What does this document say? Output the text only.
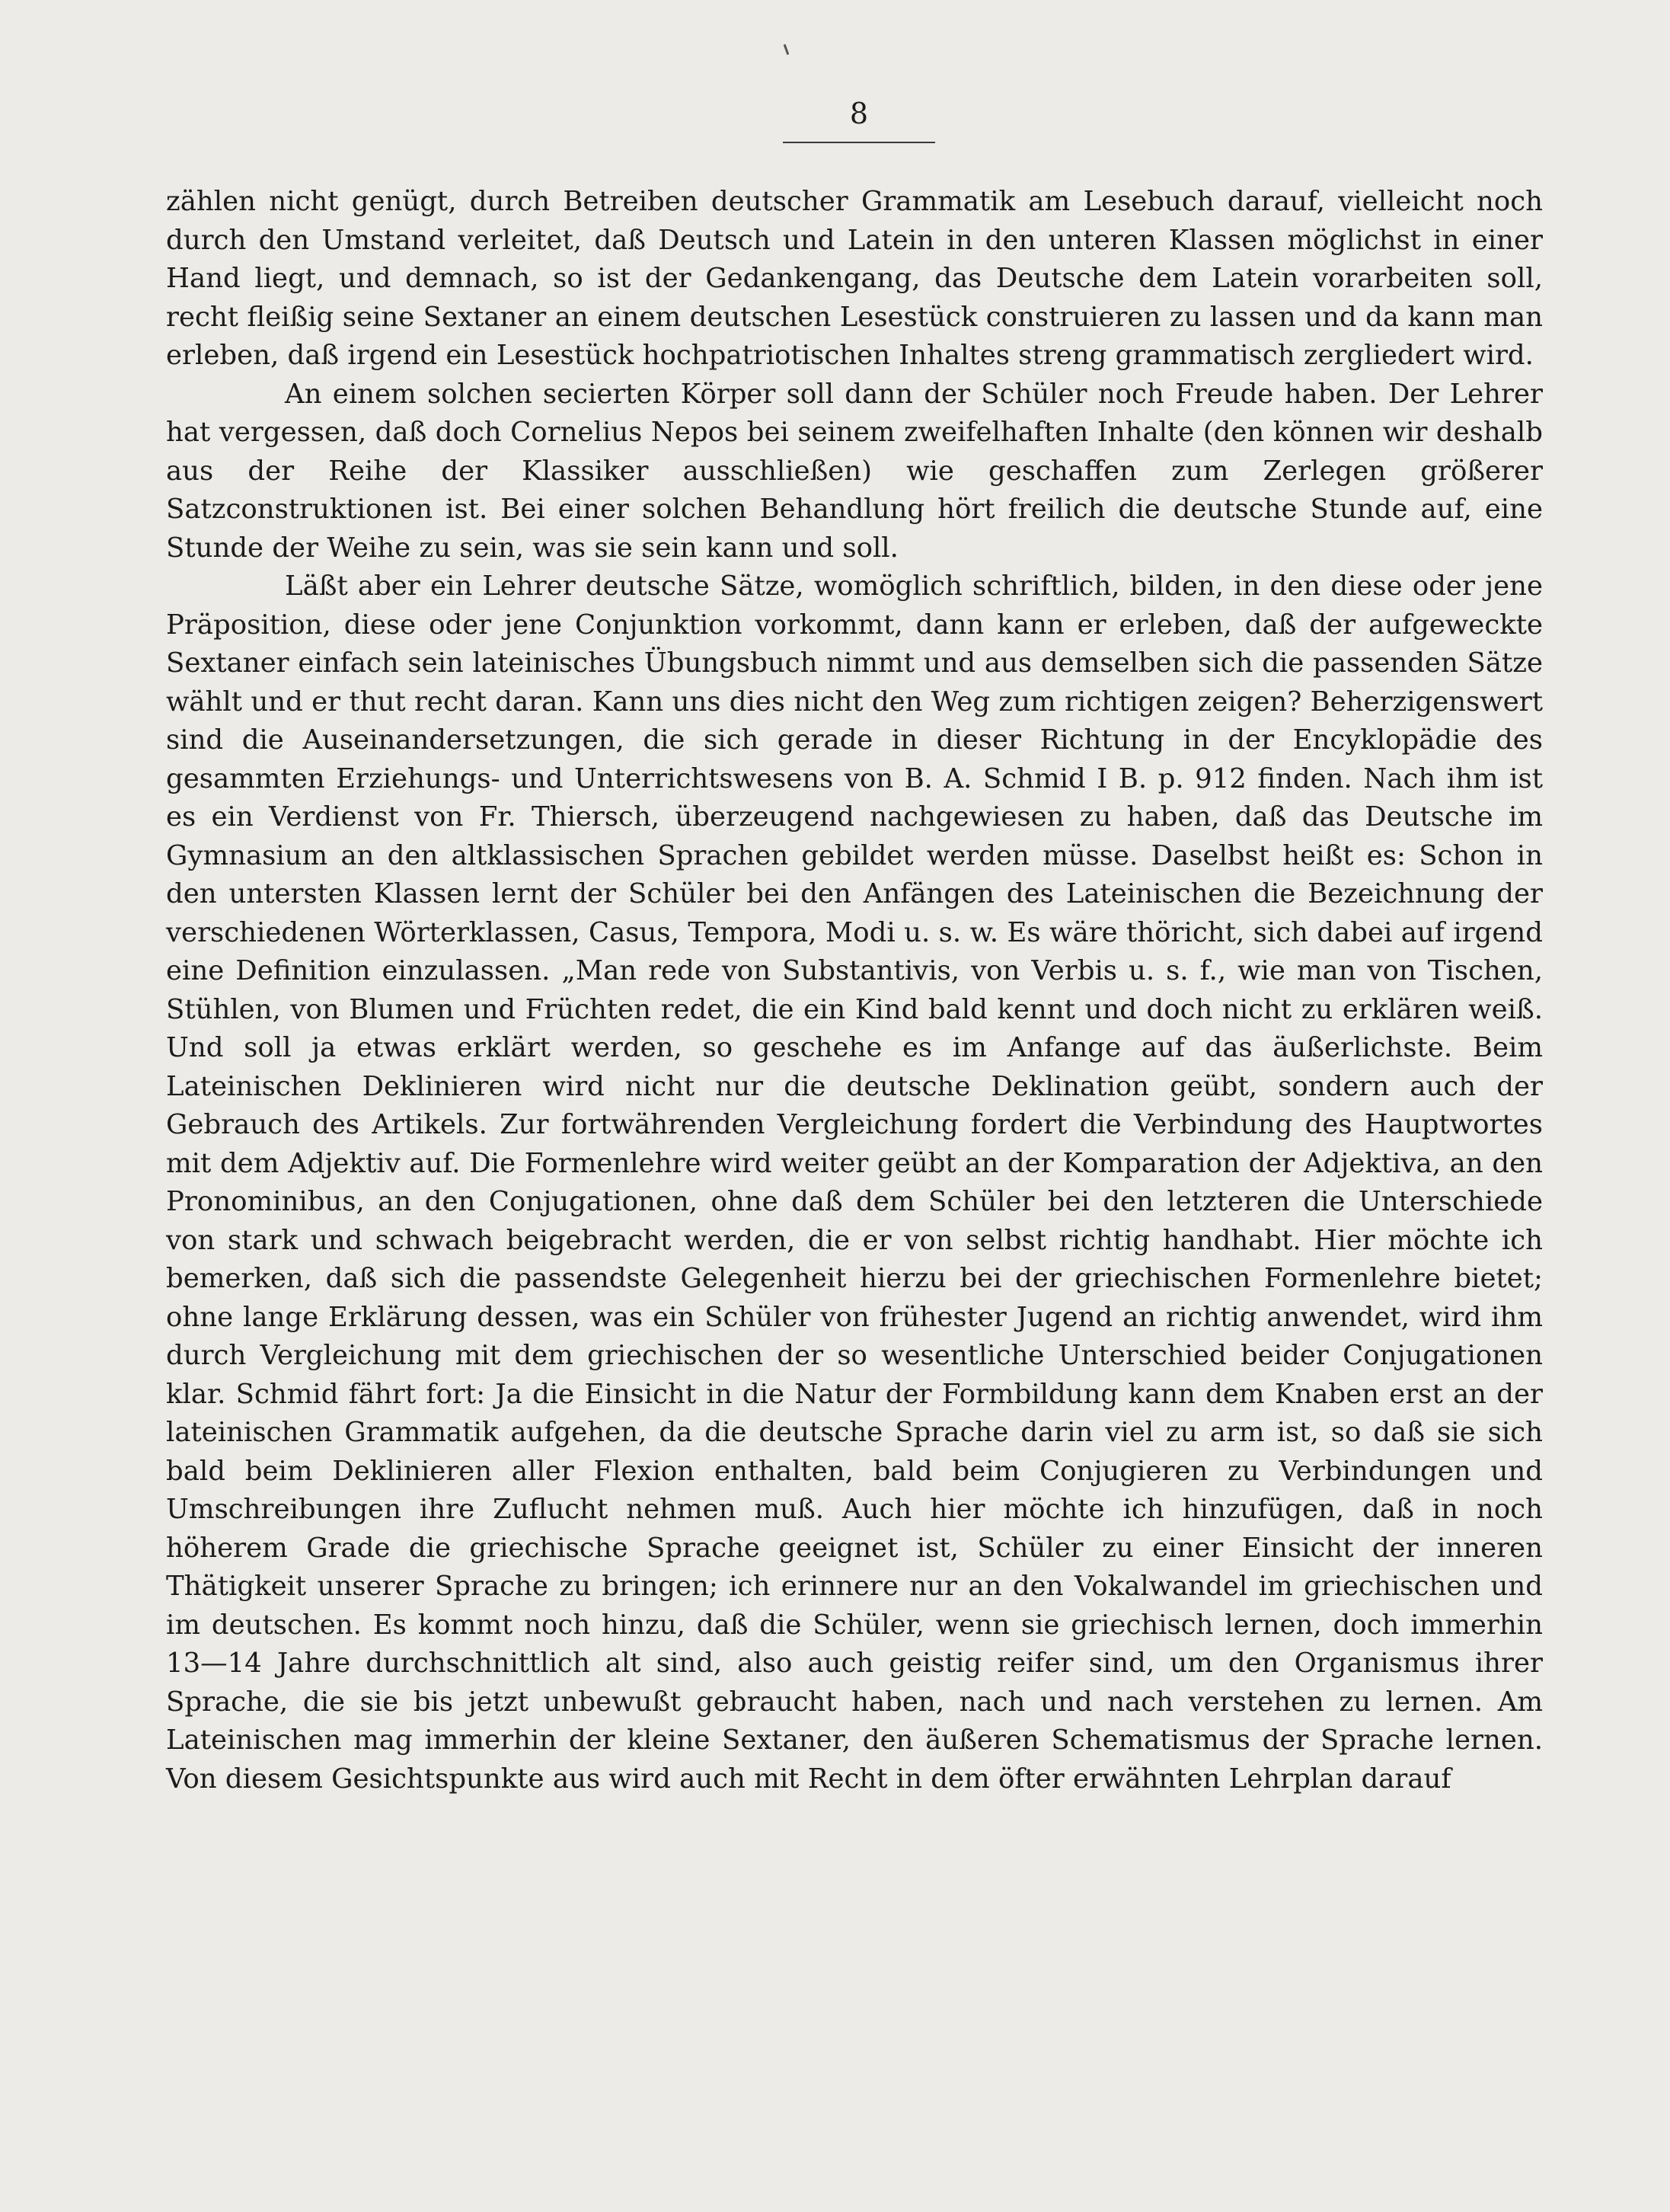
8

zählen nicht genügt, durch Betreiben deutscher Grammatik am Lesebuch darauf, vielleicht noch durch den Umstand verleitet, daß Deutsch und Latein in den unteren Klassen möglichst in einer Hand liegt, und demnach, so ist der Gedankengang, das Deutsche dem Latein vorarbeiten soll, recht fleißig seine Sextaner an einem deutschen Lesestück construieren zu lassen und da kann man erleben, daß irgend ein Lesestück hochpatriotischen Inhaltes streng grammatisch zergliedert wird.

An einem solchen secierten Körper soll dann der Schüler noch Freude haben. Der Lehrer hat vergessen, daß doch Cornelius Nepos bei seinem zweifelhaften Inhalte (den können wir deshalb aus der Reihe der Klassiker ausschließen) wie geschaffen zum Zerlegen größerer Satzconstruktionen ist. Bei einer solchen Behandlung hört freilich die deutsche Stunde auf, eine Stunde der Weihe zu sein, was sie sein kann und soll.

Läßt aber ein Lehrer deutsche Sätze, womöglich schriftlich, bilden, in den diese oder jene Präposition, diese oder jene Conjunktion vorkommt, dann kann er erleben, daß der aufgeweckte Sextaner einfach sein lateinisches Übungsbuch nimmt und aus demselben sich die passenden Sätze wählt und er thut recht daran. Kann uns dies nicht den Weg zum richtigen zeigen? Beherzigenswert sind die Auseinandersetzungen, die sich gerade in dieser Richtung in der Encyklopädie des gesammten Erziehungs- und Unterrichtswesens von B. A. Schmid I B. p. 912 finden. Nach ihm ist es ein Verdienst von Fr. Thiersch, überzeugend nachgewiesen zu haben, daß das Deutsche im Gymnasium an den altklassischen Sprachen gebildet werden müsse. Daselbst heißt es: Schon in den untersten Klassen lernt der Schüler bei den Anfängen des Lateinischen die Bezeichnung der verschiedenen Wörterklassen, Casus, Tempora, Modi u. s. w. Es wäre thöricht, sich dabei auf irgend eine Definition einzulassen. „Man rede von Substantivis, von Verbis u. s. f., wie man von Tischen, Stühlen, von Blumen und Früchten redet, die ein Kind bald kennt und doch nicht zu erklären weiß. Und soll ja etwas erklärt werden, so geschehe es im Anfange auf das äußerlichste. Beim Lateinischen Deklinieren wird nicht nur die deutsche Deklination geübt, sondern auch der Gebrauch des Artikels. Zur fortwährenden Vergleichung fordert die Verbindung des Hauptwortes mit dem Adjektiv auf. Die Formenlehre wird weiter geübt an der Komparation der Adjektiva, an den Pronominibus, an den Conjugationen, ohne daß dem Schüler bei den letzteren die Unterschiede von stark und schwach beigebracht werden, die er von selbst richtig handhabt. Hier möchte ich bemerken, daß sich die passendste Gelegenheit hierzu bei der griechischen Formenlehre bietet; ohne lange Erklärung dessen, was ein Schüler von frühester Jugend an richtig anwendet, wird ihm durch Vergleichung mit dem griechischen der so wesentliche Unterschied beider Conjugationen klar. Schmid fährt fort: Ja die Einsicht in die Natur der Formbildung kann dem Knaben erst an der lateinischen Grammatik aufgehen, da die deutsche Sprache darin viel zu arm ist, so daß sie sich bald beim Deklinieren aller Flexion enthalten, bald beim Conjugieren zu Verbindungen und Umschreibungen ihre Zuflucht nehmen muß. Auch hier möchte ich hinzufügen, daß in noch höherem Grade die griechische Sprache geeignet ist, Schüler zu einer Einsicht der inneren Thätigkeit unserer Sprache zu bringen; ich erinnere nur an den Vokalwandel im griechischen und im deutschen. Es kommt noch hinzu, daß die Schüler, wenn sie griechisch lernen, doch immerhin 13—14 Jahre durchschnittlich alt sind, also auch geistig reifer sind, um den Organismus ihrer Sprache, die sie bis jetzt unbewußt gebraucht haben, nach und nach verstehen zu lernen. Am Lateinischen mag immerhin der kleine Sextaner, den äußeren Schematismus der Sprache lernen. Von diesem Gesichtspunkte aus wird auch mit Recht in dem öfter erwähnten Lehrplan darauf
